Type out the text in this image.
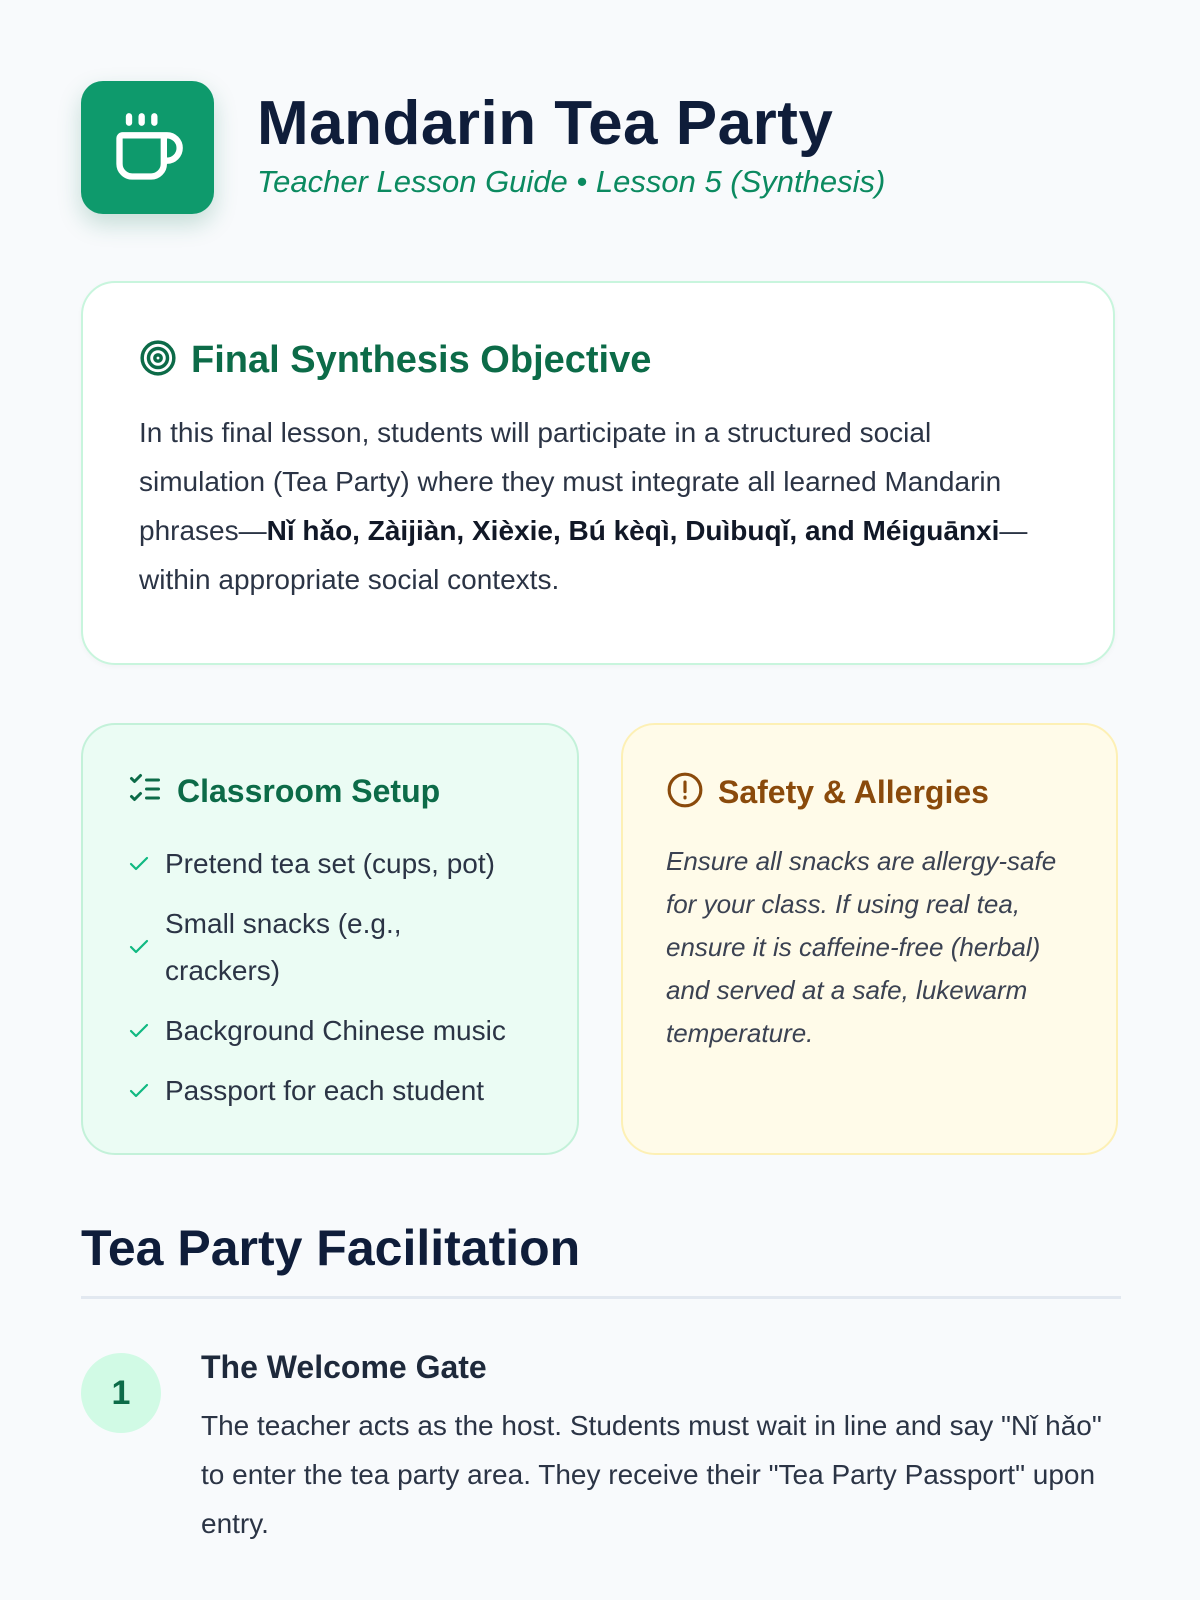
Mandarin Tea Party
Teacher Lesson Guide • Lesson 5 (Synthesis)
Final Synthesis Objective
In this final lesson, students will participate in a structured social simulation (Tea Party) where they must integrate all learned Mandarin phrases—Nǐ hǎo, Zàijiàn, Xièxie, Bú kèqì, Duìbuqǐ, and Méiguānxi—within appropriate social contexts.
Classroom Setup
Pretend tea set (cups, pot)
Small snacks (e.g., crackers)
Background Chinese music
Passport for each student
Safety & Allergies
Ensure all snacks are allergy-safe for your class. If using real tea, ensure it is caffeine-free (herbal) and served at a safe, lukewarm temperature.
Tea Party Facilitation
1
The Welcome Gate
The teacher acts as the host. Students must wait in line and say "Nǐ hǎo" to enter the tea party area. They receive their "Tea Party Passport" upon entry.
